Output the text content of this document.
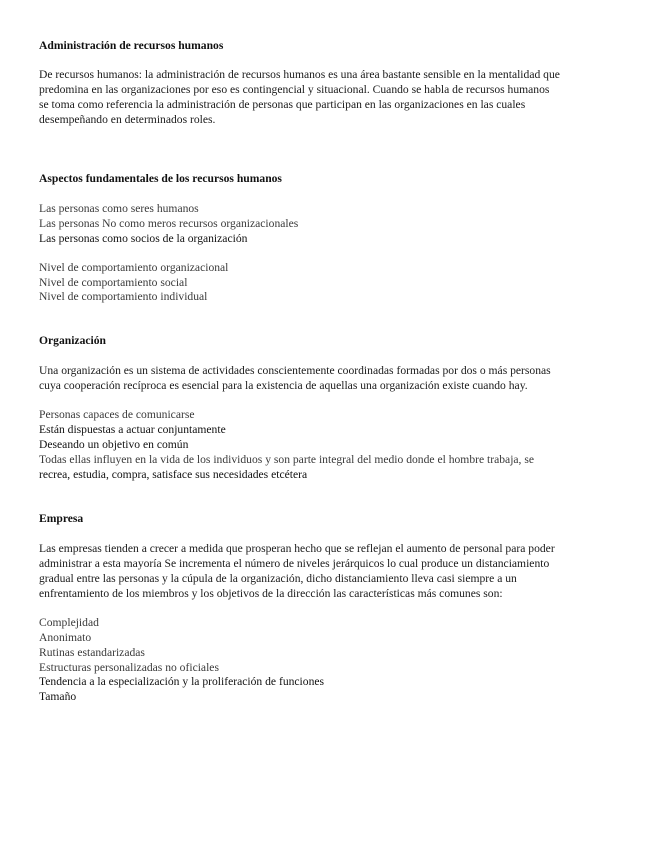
Administración de recursos humanos
De recursos humanos: la administración de recursos humanos es una área bastante sensible en la mentalidad que
predomina en las organizaciones por eso es contingencial y situacional. Cuando se habla de recursos humanos
se toma como referencia la administración de personas que participan en las organizaciones en las cuales
desempeñando en determinados roles.
Aspectos fundamentales de los recursos humanos
Las personas como seres humanos
Las personas No como meros recursos organizacionales
Las personas como socios de la organización
Nivel de comportamiento organizacional
Nivel de comportamiento social
Nivel de comportamiento individual
Organización
Una organización es un sistema de actividades conscientemente coordinadas formadas por dos o más personas
cuya cooperación recíproca es esencial para la existencia de aquellas una organización existe cuando hay.
Personas capaces de comunicarse
Están dispuestas a actuar conjuntamente
Deseando un objetivo en común
Todas ellas influyen en la vida de los individuos y son parte integral del medio donde el hombre trabaja, se
recrea, estudia, compra, satisface sus necesidades etcétera
Empresa
Las empresas tienden a crecer a medida que prosperan hecho que se reflejan el aumento de personal para poder
administrar a esta mayoría Se incrementa el número de niveles jerárquicos lo cual produce un distanciamiento
gradual entre las personas y la cúpula de la organización, dicho distanciamiento lleva casi siempre a un
enfrentamiento de los miembros y los objetivos de la dirección las características más comunes son:
Complejidad
Anonimato
Rutinas estandarizadas
Estructuras personalizadas no oficiales
Tendencia a la especialización y la proliferación de funciones
Tamaño
